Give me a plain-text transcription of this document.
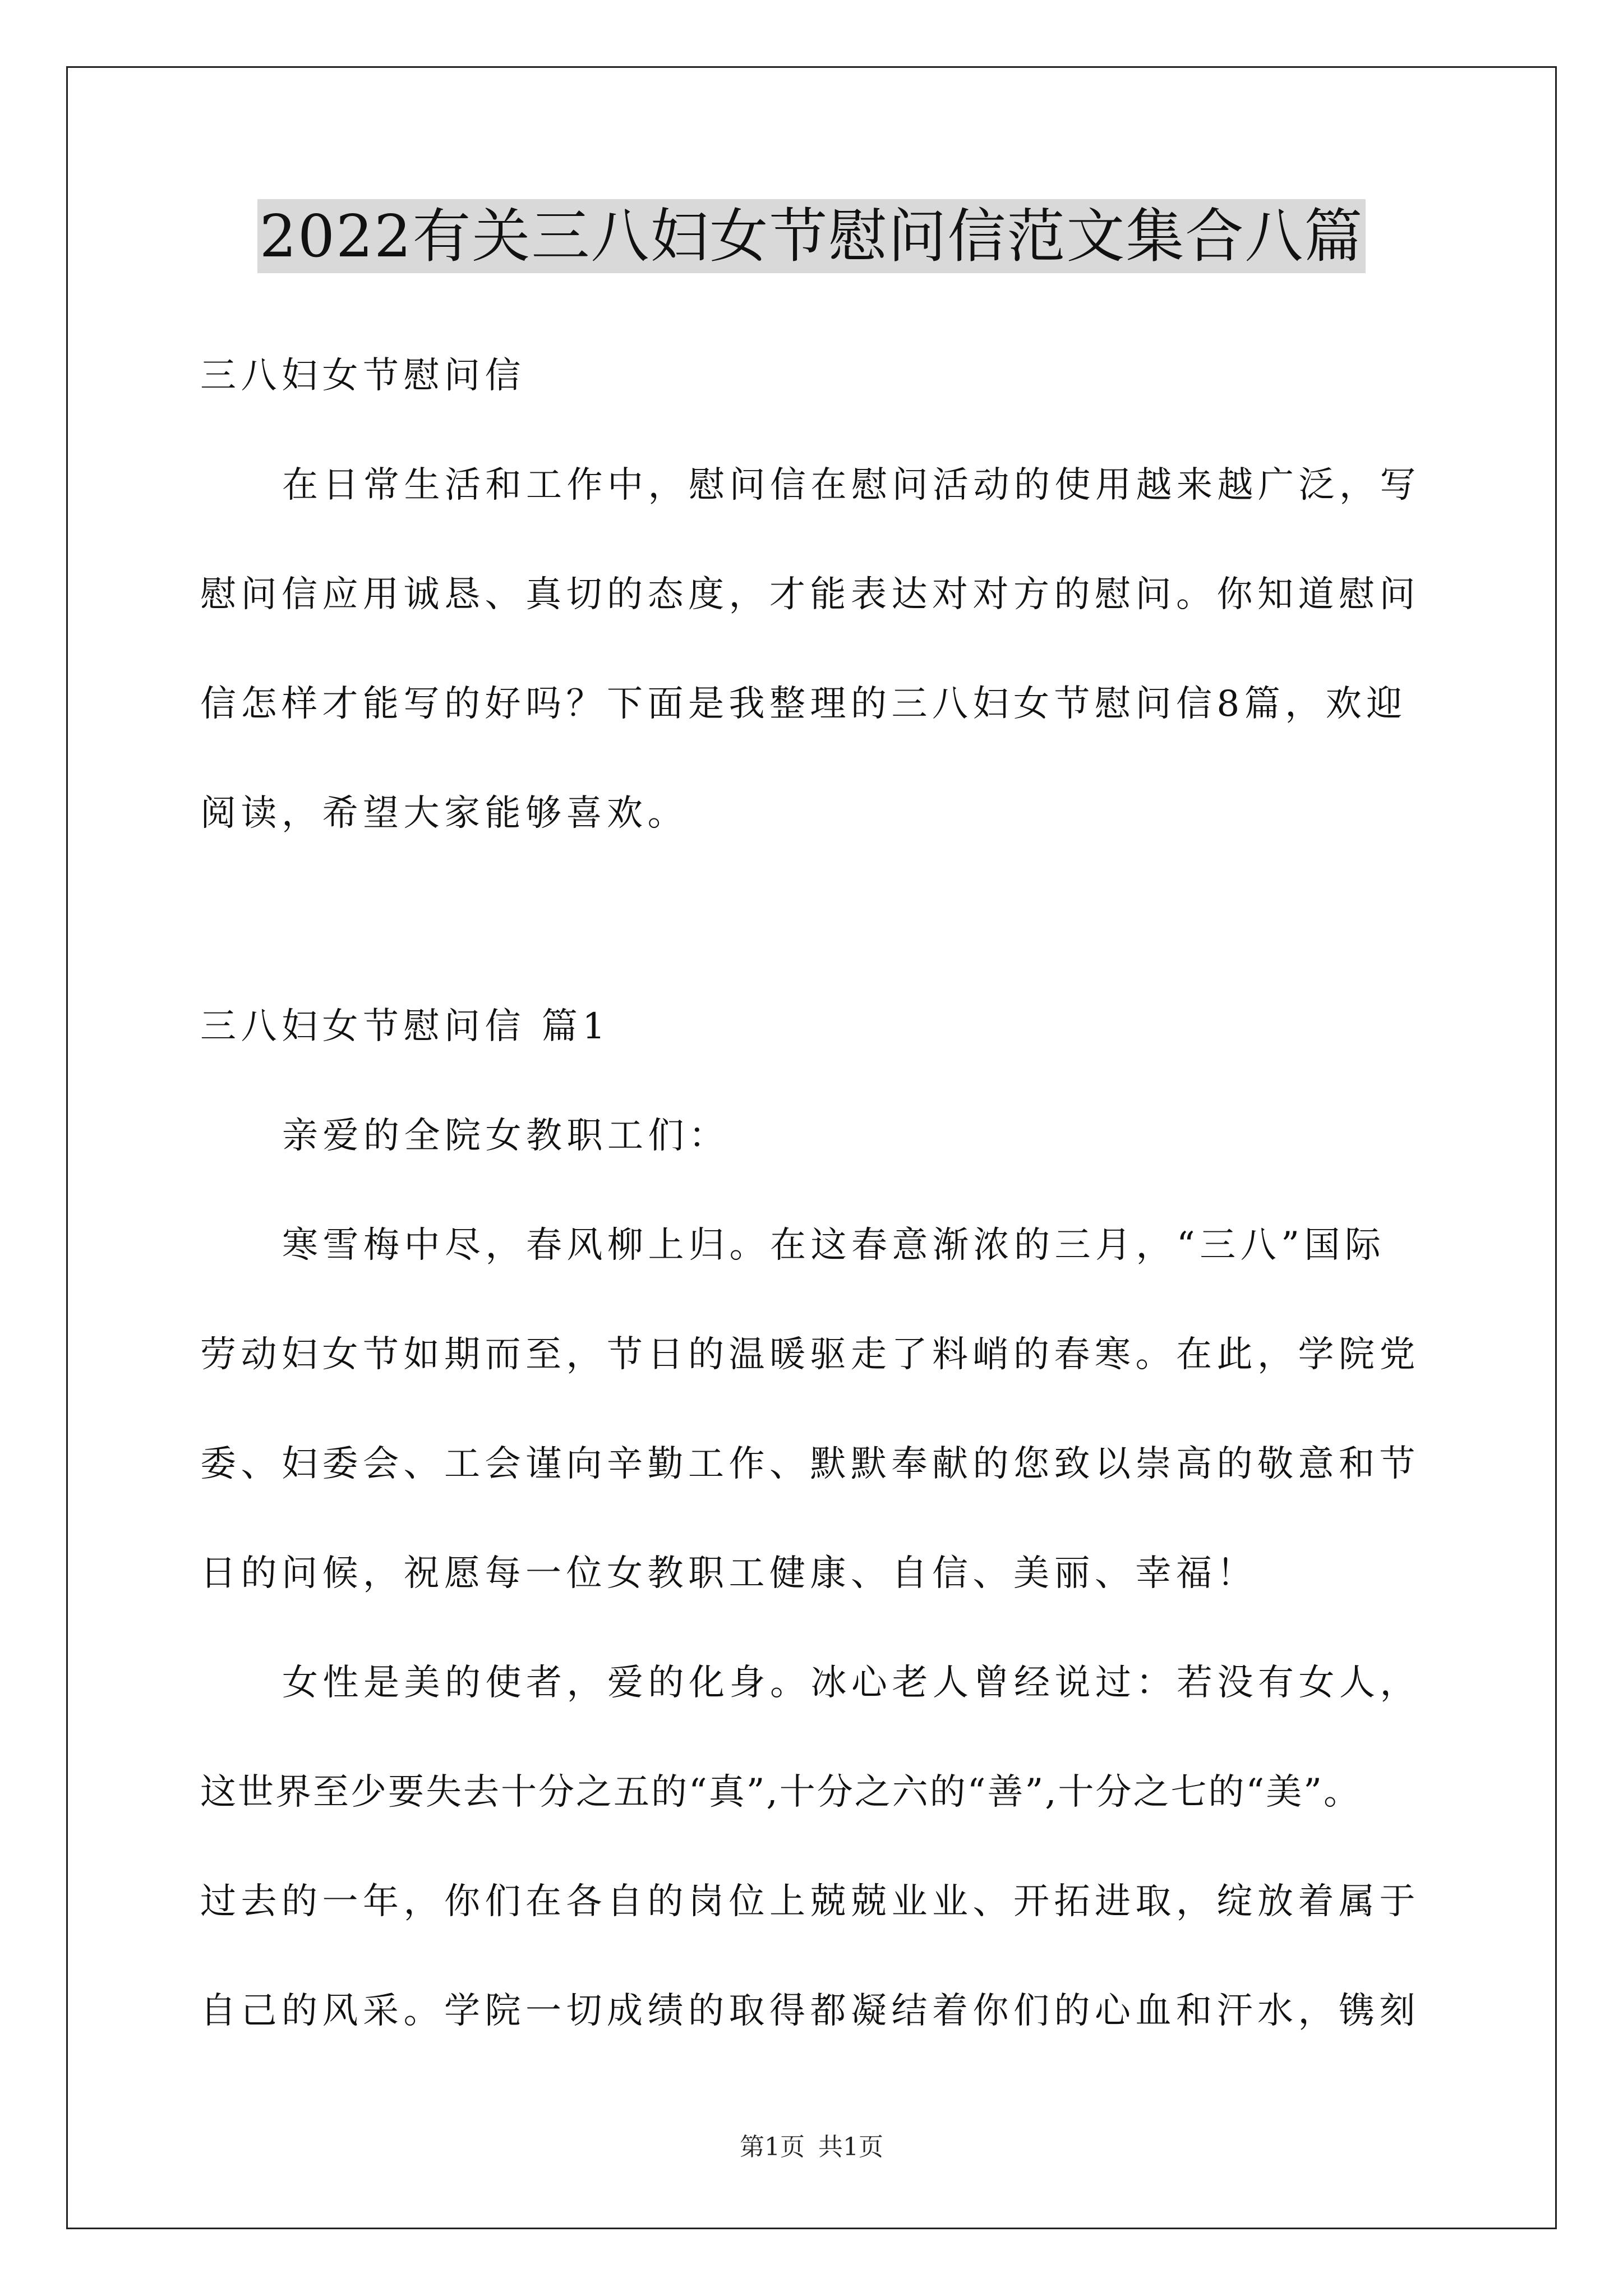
2022有关三八妇女节慰问信范文集合八篇
三八妇女节慰问信
在日常生活和工作中，慰问信在慰问活动的使用越来越广泛，写
慰问信应用诚恳、真切的态度，才能表达对对方的慰问。你知道慰问
信怎样才能写的好吗？下面是我整理的三八妇女节慰问信8篇，欢迎
阅读，希望大家能够喜欢。
三八妇女节慰问信 篇1
亲爱的全院女教职工们：
寒雪梅中尽，春风柳上归。在这春意渐浓的三月，“三八”国际
劳动妇女节如期而至，节日的温暖驱走了料峭的春寒。在此，学院党
委、妇委会、工会谨向辛勤工作、默默奉献的您致以崇高的敬意和节
日的问候，祝愿每一位女教职工健康、自信、美丽、幸福！
女性是美的使者，爱的化身。冰心老人曾经说过：若没有女人，
这世界至少要失去十分之五的“真”,十分之六的“善”,十分之七的“美”。
过去的一年，你们在各自的岗位上兢兢业业、开拓进取，绽放着属于
自己的风采。学院一切成绩的取得都凝结着你们的心血和汗水，镌刻
第1页 共1页
